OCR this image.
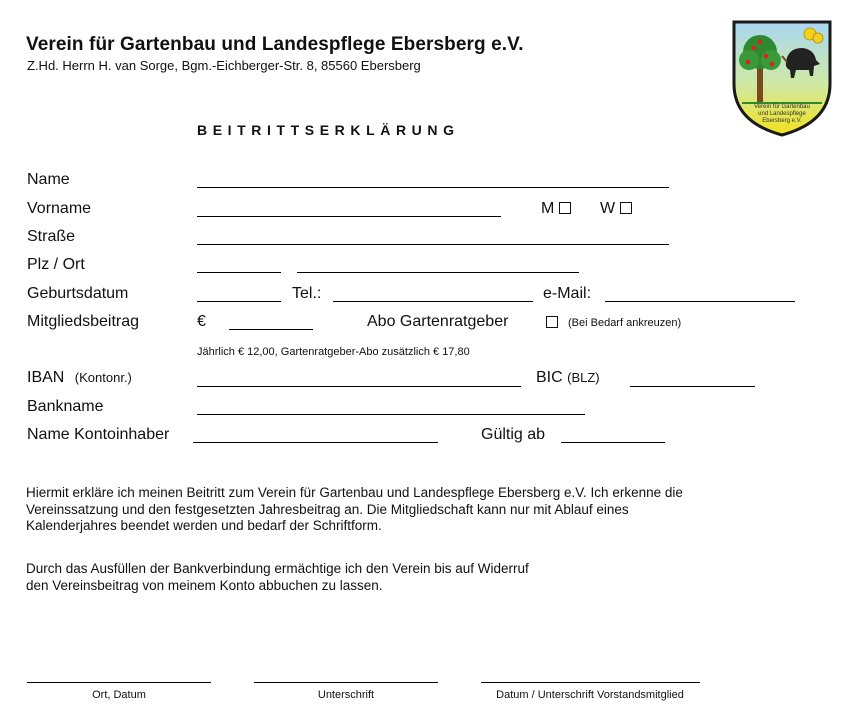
Verein für Gartenbau und Landespflege Ebersberg e.V.
Z.Hd. Herrn H. van Sorge, Bgm.-Eichberger-Str. 8, 85560 Ebersberg
Verein für Gartenbau
und Landespflege
Ebersberg e.V.
BEITRITTSERKLÄRUNG
Name
Vorname	M	W
Straße
Plz / Ort
Geburtsdatum	Tel.:	e-Mail:
Mitgliedsbeitrag	€	Abo Gartenratgeber	(Bei Bedarf ankreuzen)
Jährlich € 12,00, Gartenratgeber-Abo zusätzlich € 17,80
IBAN (Kontonr.)	BIC (BLZ)
Bankname
Name Kontoinhaber	Gültig ab
Hiermit erkläre ich meinen Beitritt zum Verein für Gartenbau und Landespflege Ebersberg e.V. Ich erkenne die
Vereinssatzung und den festgesetzten Jahresbeitrag an. Die Mitgliedschaft kann nur mit Ablauf eines
Kalenderjahres beendet werden und bedarf der Schriftform.
Durch das Ausfüllen der Bankverbindung ermächtige ich den Verein bis auf Widerruf
den Vereinsbeitrag von meinem Konto abbuchen zu lassen.
Ort, Datum	Unterschrift	Datum / Unterschrift Vorstandsmitglied
